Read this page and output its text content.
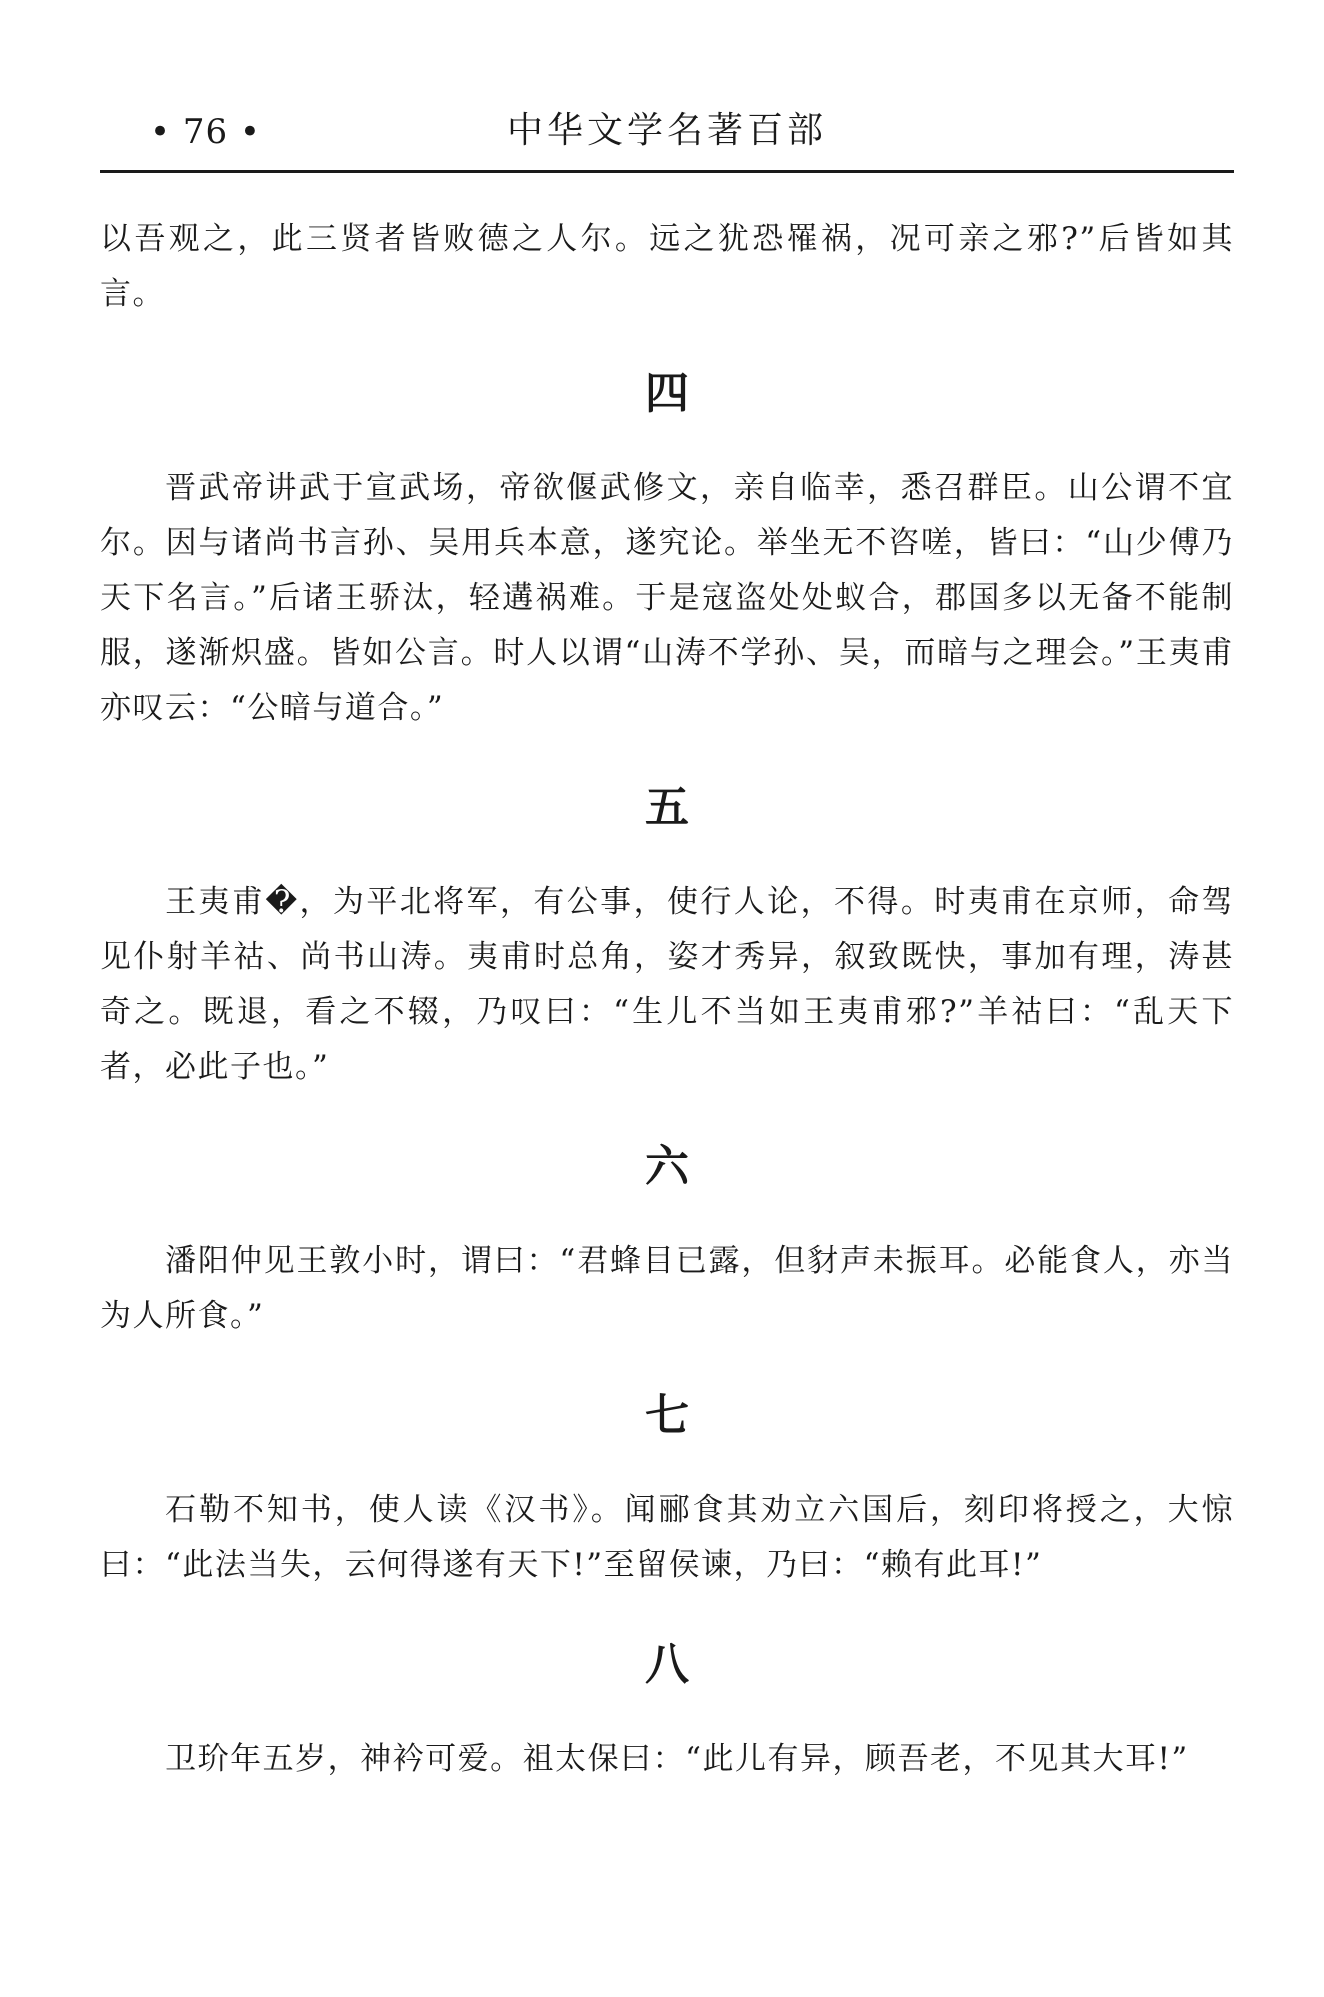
• 76 •	中华文学名著百部

以吾观之，此三贤者皆败德之人尔。远之犹恐罹祸，况可亲之邪?”后皆如其言。

四

晋武帝讲武于宣武场，帝欲偃武修文，亲自临幸，悉召群臣。山公谓不宜尔。因与诸尚书言孙、吴用兵本意，遂究论。举坐无不咨嗟，皆曰：“山少傅乃天下名言。”后诸王骄汰，轻遘祸难。于是寇盗处处蚁合，郡国多以无备不能制服，遂渐炽盛。皆如公言。时人以谓“山涛不学孙、吴，而暗与之理会。”王夷甫亦叹云：“公暗与道合。”

五

王夷甫�，为平北将军，有公事，使行人论，不得。时夷甫在京师，命驾见仆射羊祜、尚书山涛。夷甫时总角，姿才秀异，叙致既快，事加有理，涛甚奇之。既退，看之不辍，乃叹曰：“生儿不当如王夷甫邪?”羊祜曰：“乱天下者，必此子也。”

六

潘阳仲见王敦小时，谓曰：“君蜂目已露，但豺声未振耳。必能食人，亦当为人所食。”

七

石勒不知书，使人读《汉书》。闻郦食其劝立六国后，刻印将授之，大惊曰：“此法当失，云何得遂有天下!”至留侯谏，乃曰：“赖有此耳!”

八

卫玠年五岁，神衿可爱。祖太保曰：“此儿有异，顾吾老，不见其大耳!”
